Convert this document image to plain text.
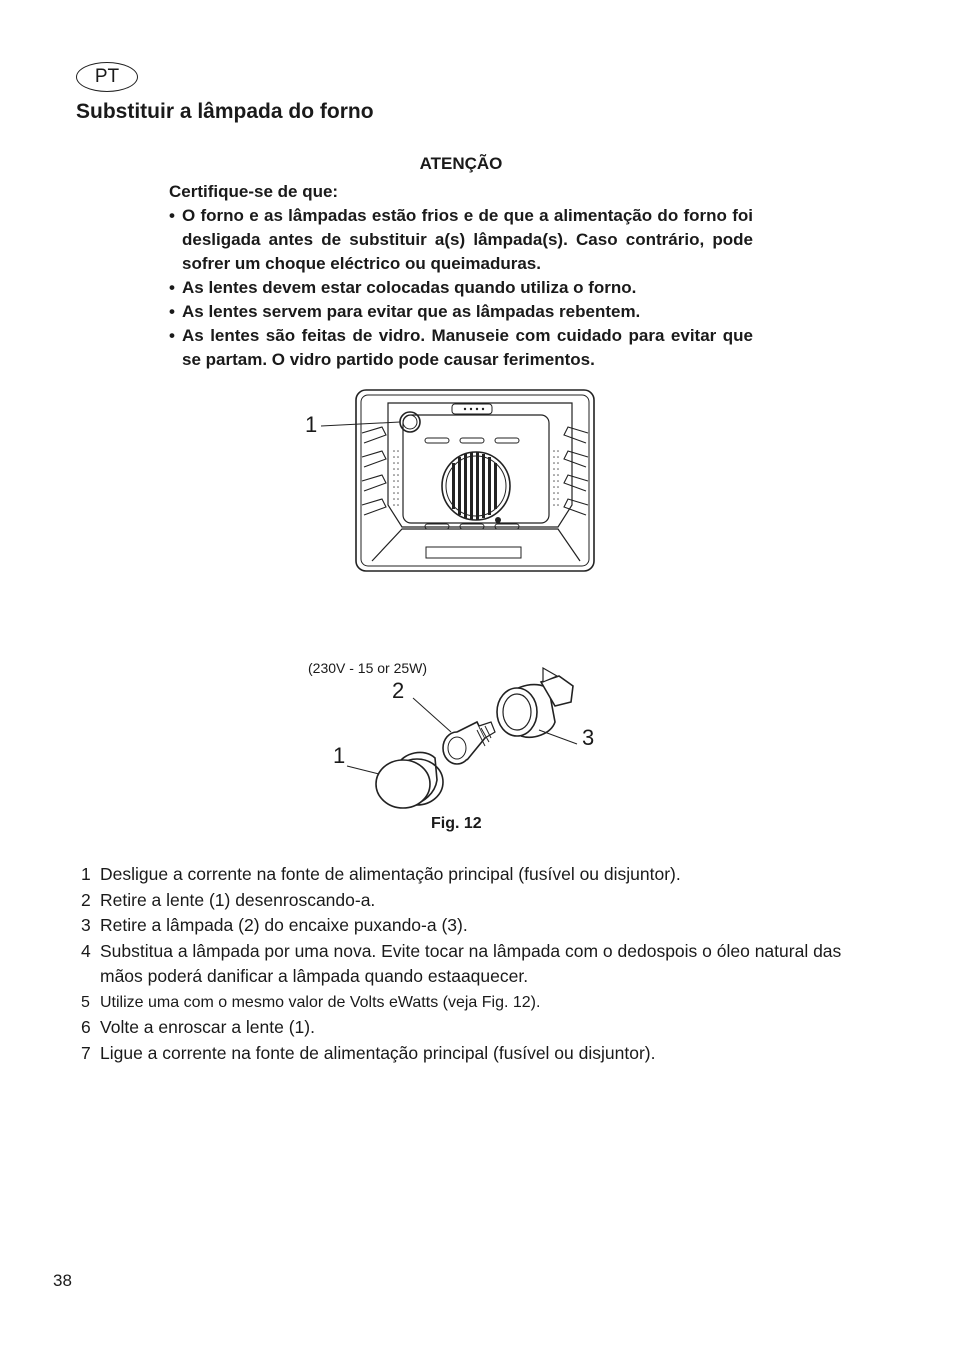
PT
Substituir a lâmpada do forno
ATENÇÃO
Certifique-se de que:
• O forno e as lâmpadas estão frios e de que a alimentação do forno foi desligada antes de substituir a(s) lâmpada(s). Caso contrário, pode sofrer um choque eléctrico ou queimaduras.
• As lentes devem estar colocadas quando utiliza o forno.
• As lentes servem para evitar que as lâmpadas rebentem.
• As lentes são feitas de vidro. Manuseie com cuidado para evitar que se partam. O vidro partido pode causar ferimentos.
1
(230V - 15 or 25W)
2
3
1
Fig. 12
1 Desligue a corrente na fonte de alimentação principal (fusível ou disjuntor).
2 Retire a lente (1) desenroscando-a.
3 Retire a lâmpada (2) do encaixe puxando-a (3).
4 Substitua a lâmpada por uma nova. Evite tocar na lâmpada com o dedospois o óleo natural das mãos poderá danificar a lâmpada quando estaaquecer.
5 Utilize uma com o mesmo valor de Volts eWatts (veja Fig. 12).
6 Volte a enroscar a lente (1).
7 Ligue a corrente na fonte de alimentação principal (fusível ou disjuntor).
38
